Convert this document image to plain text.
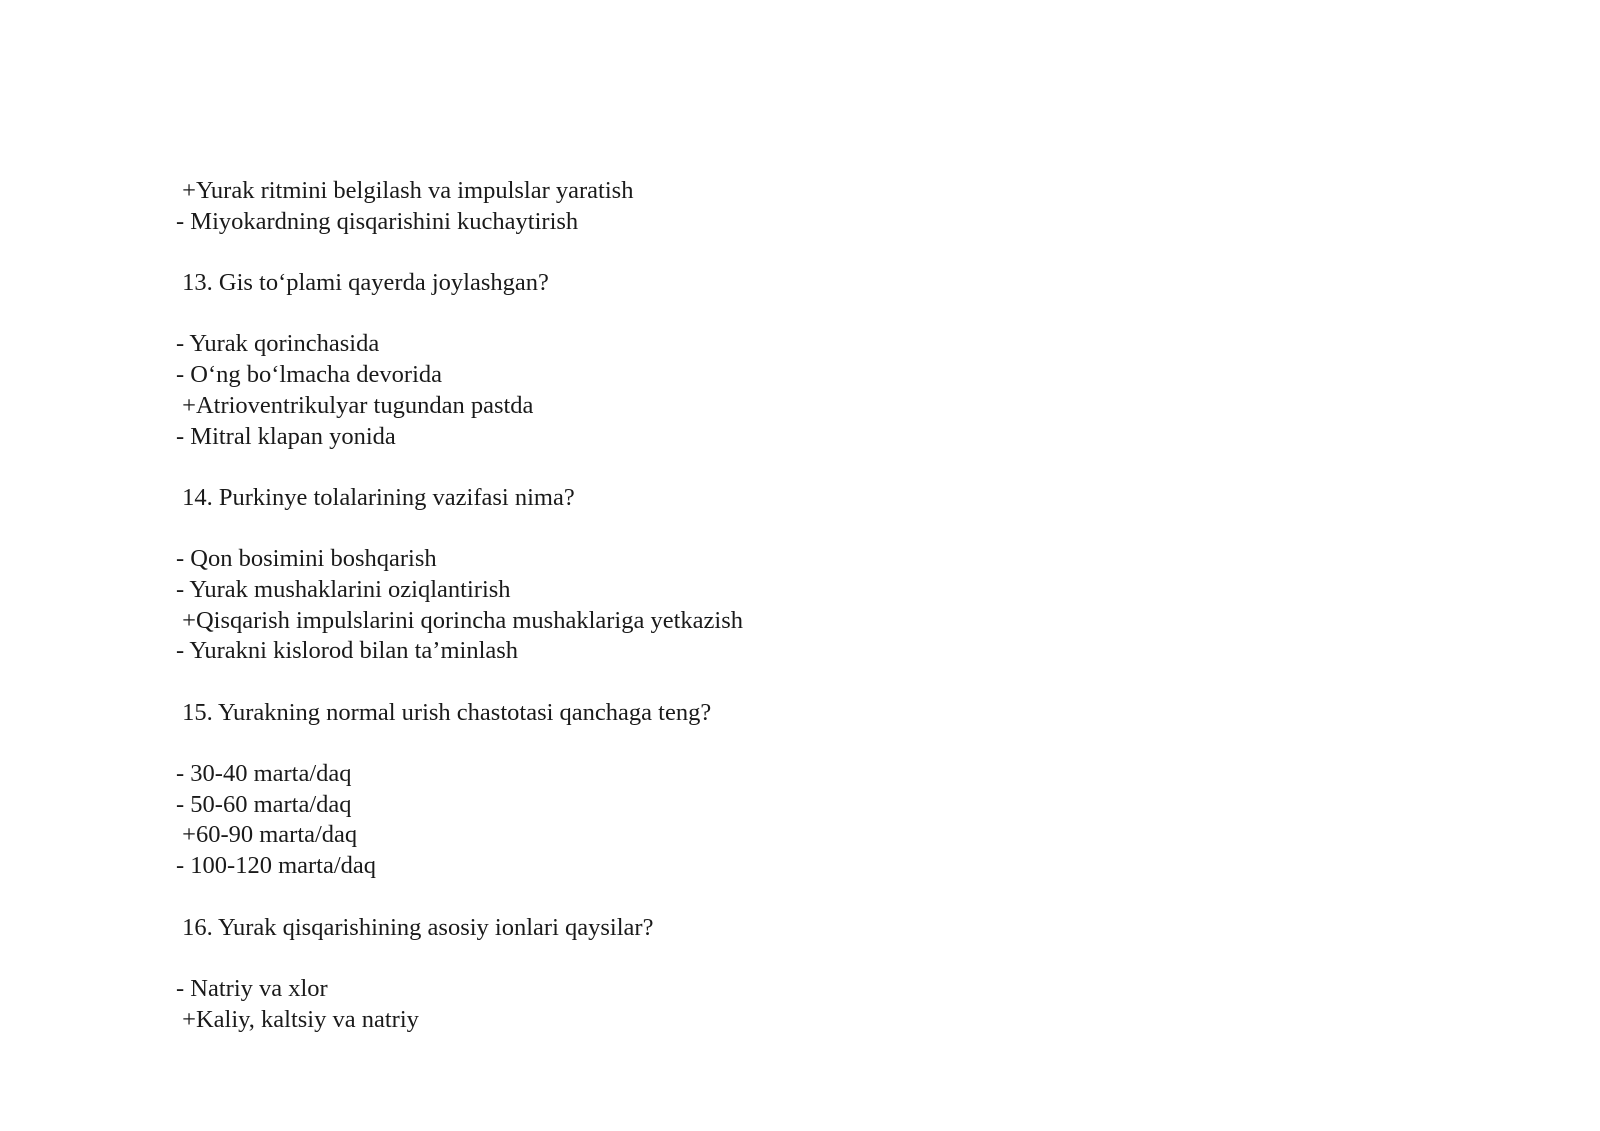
+Yurak ritmini belgilash va impulslar yaratish
- Miyokardning qisqarishini kuchaytirish
13. Gis to‘plami qayerda joylashgan?
- Yurak qorinchasida
- O‘ng bo‘lmacha devorida
+Atrioventrikulyar tugundan pastda
- Mitral klapan yonida
14. Purkinye tolalarining vazifasi nima?
- Qon bosimini boshqarish
- Yurak mushaklarini oziqlantirish
+Qisqarish impulslarini qorincha mushaklariga yetkazish
- Yurakni kislorod bilan ta’minlash
15. Yurakning normal urish chastotasi qanchaga teng?
- 30-40 marta/daq
- 50-60 marta/daq
+60-90 marta/daq
- 100-120 marta/daq
16. Yurak qisqarishining asosiy ionlari qaysilar?
- Natriy va xlor
+Kaliy, kaltsiy va natriy
